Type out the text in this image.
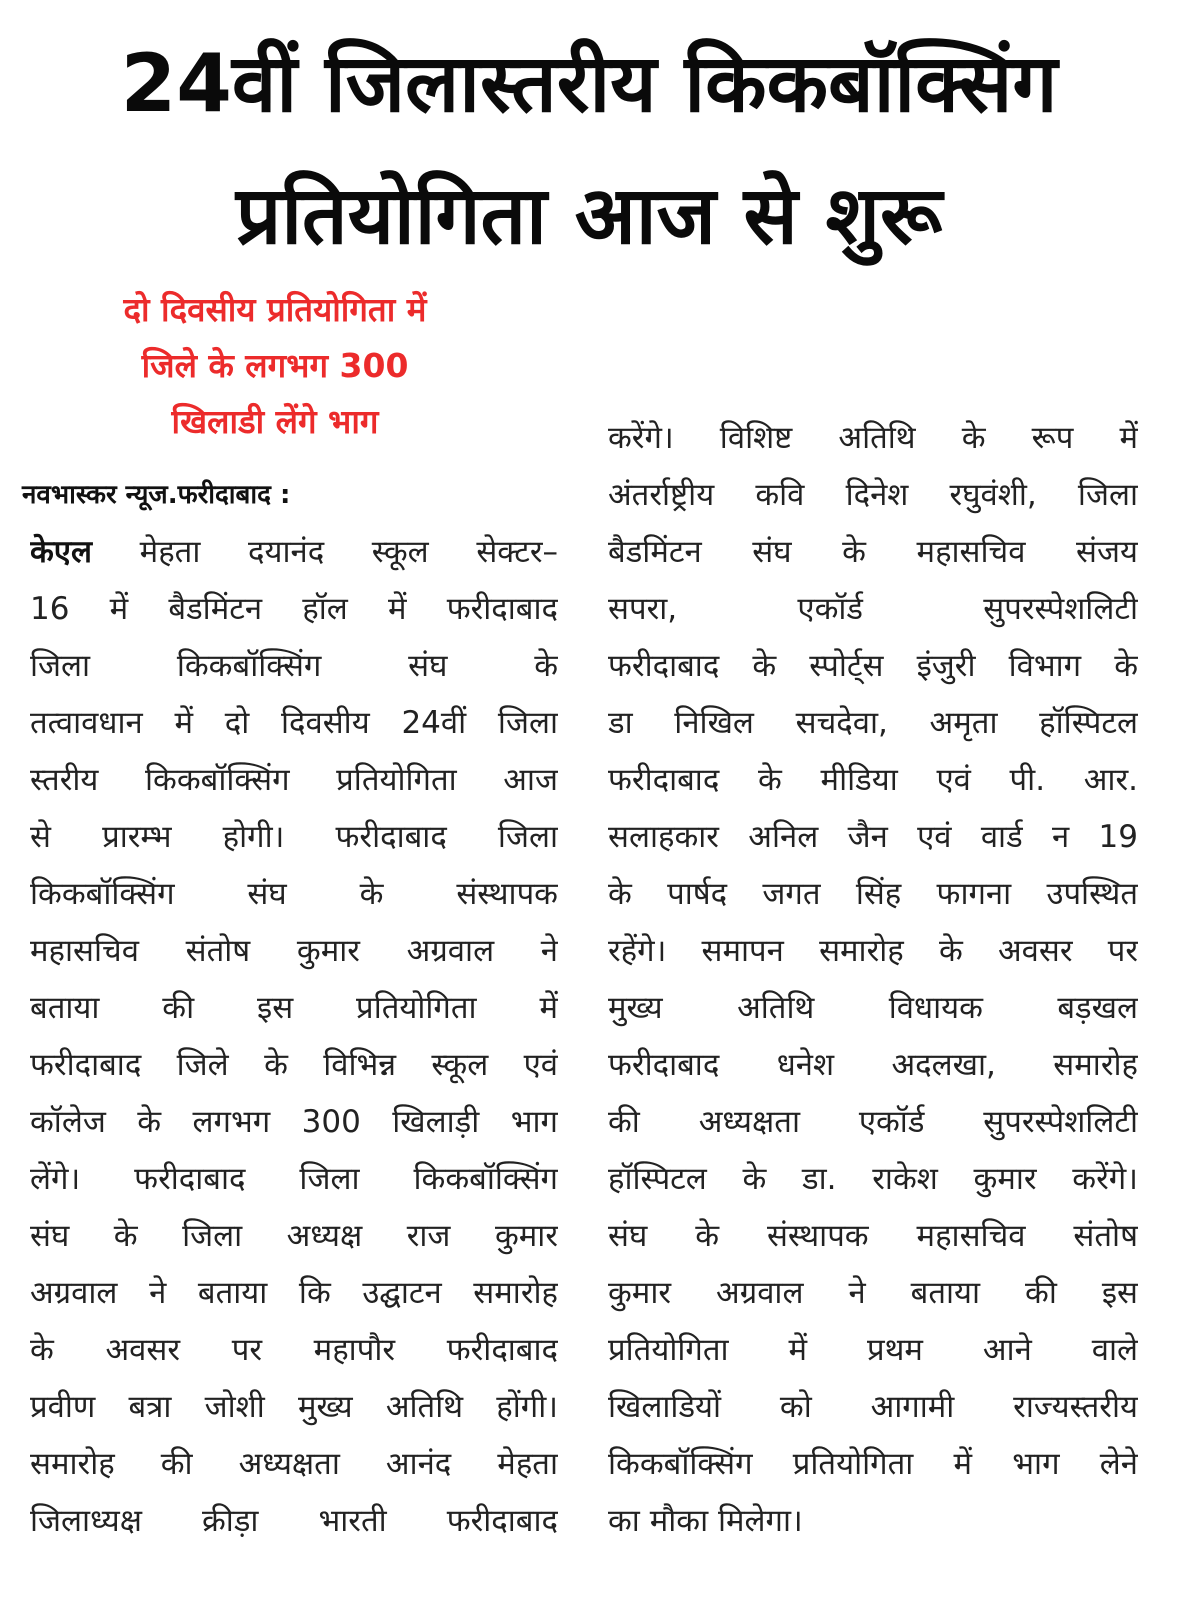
24वीं जिलास्तरीय किकबॉक्सिंग
प्रतियोगिता आज से शुरू
दो दिवसीय प्रतियोगिता में
जिले के लगभग 300
खिलाडी लेंगे भाग
नवभास्कर न्यूज.फरीदाबाद :
केएल मेहता दयानंद स्कूल सेक्टर–
16 में बैडमिंटन हॉल में फरीदाबाद
जिला किकबॉक्सिंग संघ के
तत्वावधान में दो दिवसीय 24वीं जिला
स्तरीय किकबॉक्सिंग प्रतियोगिता आज
से प्रारम्भ होगी। फरीदाबाद जिला
किकबॉक्सिंग संघ के संस्थापक
महासचिव संतोष कुमार अग्रवाल ने
बताया की इस प्रतियोगिता में
फरीदाबाद जिले के विभिन्न स्कूल एवं
कॉलेज के लगभग 300 खिलाड़ी भाग
लेंगे। फरीदाबाद जिला किकबॉक्सिंग
संघ के जिला अध्यक्ष राज कुमार
अग्रवाल ने बताया कि उद्घाटन समारोह
के अवसर पर महापौर फरीदाबाद
प्रवीण बत्रा जोशी मुख्य अतिथि होंगी।
समारोह की अध्यक्षता आनंद मेहता
जिलाध्यक्ष क्रीड़ा भारती फरीदाबाद
करेंगे। विशिष्ट अतिथि के रूप में
अंतर्राष्ट्रीय कवि दिनेश रघुवंशी, जिला
बैडमिंटन संघ के महासचिव संजय
सपरा, एकॉर्ड सुपरस्पेशलिटी
फरीदाबाद के स्पोर्ट्स इंजुरी विभाग के
डा निखिल सचदेवा, अमृता हॉस्पिटल
फरीदाबाद के मीडिया एवं पी. आर.
सलाहकार अनिल जैन एवं वार्ड न 19
के पार्षद जगत सिंह फागना उपस्थित
रहेंगे। समापन समारोह के अवसर पर
मुख्य अतिथि विधायक बड़खल
फरीदाबाद धनेश अदलखा, समारोह
की अध्यक्षता एकॉर्ड सुपरस्पेशलिटी
हॉस्पिटल के डा. राकेश कुमार करेंगे।
संघ के संस्थापक महासचिव संतोष
कुमार अग्रवाल ने बताया की इस
प्रतियोगिता में प्रथम आने वाले
खिलाडियों को आगामी राज्यस्तरीय
किकबॉक्सिंग प्रतियोगिता में भाग लेने
का मौका मिलेगा।
